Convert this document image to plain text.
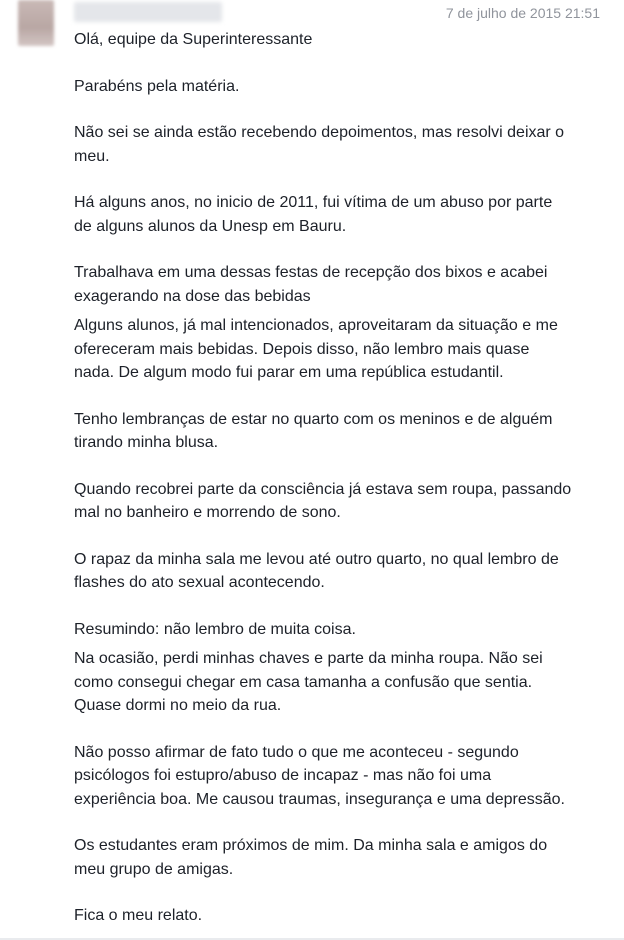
7 de julho de 2015 21:51

Olá, equipe da Superinteressante

Parabéns pela matéria.

Não sei se ainda estão recebendo depoimentos, mas resolvi deixar o
meu.

Há alguns anos, no inicio de 2011, fui vítima de um abuso por parte
de alguns alunos da Unesp em Bauru.

Trabalhava em uma dessas festas de recepção dos bixos e acabei
exagerando na dose das bebidas

Alguns alunos, já mal intencionados, aproveitaram da situação e me
ofereceram mais bebidas. Depois disso, não lembro mais quase
nada. De algum modo fui parar em uma república estudantil.

Tenho lembranças de estar no quarto com os meninos e de alguém
tirando minha blusa.

Quando recobrei parte da consciência já estava sem roupa, passando
mal no banheiro e morrendo de sono.

O rapaz da minha sala me levou até outro quarto, no qual lembro de
flashes do ato sexual acontecendo.

Resumindo: não lembro de muita coisa.

Na ocasião, perdi minhas chaves e parte da minha roupa. Não sei
como consegui chegar em casa tamanha a confusão que sentia.
Quase dormi no meio da rua.

Não posso afirmar de fato tudo o que me aconteceu - segundo
psicólogos foi estupro/abuso de incapaz - mas não foi uma
experiência boa. Me causou traumas, insegurança e uma depressão.

Os estudantes eram próximos de mim. Da minha sala e amigos do
meu grupo de amigas.

Fica o meu relato.
